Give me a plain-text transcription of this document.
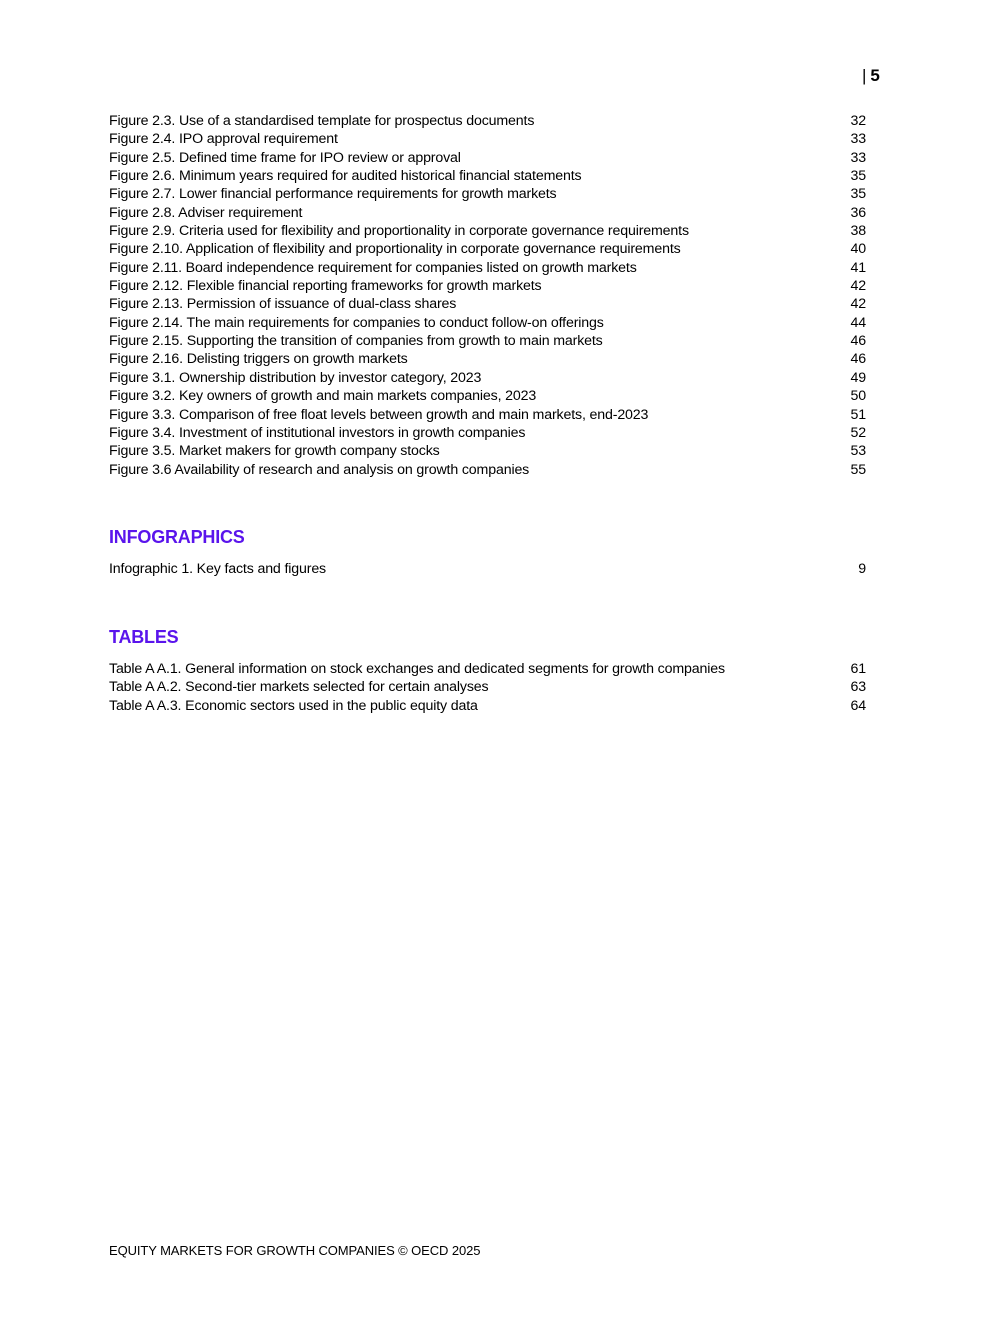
| 5
Figure 2.3. Use of a standardised template for prospectus documents	32
Figure 2.4. IPO approval requirement	33
Figure 2.5. Defined time frame for IPO review or approval	33
Figure 2.6. Minimum years required for audited historical financial statements	35
Figure 2.7. Lower financial performance requirements for growth markets	35
Figure 2.8. Adviser requirement	36
Figure 2.9. Criteria used for flexibility and proportionality in corporate governance requirements	38
Figure 2.10. Application of flexibility and proportionality in corporate governance requirements	40
Figure 2.11. Board independence requirement for companies listed on growth markets	41
Figure 2.12. Flexible financial reporting frameworks for growth markets	42
Figure 2.13. Permission of issuance of dual-class shares	42
Figure 2.14. The main requirements for companies to conduct follow-on offerings	44
Figure 2.15. Supporting the transition of companies from growth to main markets	46
Figure 2.16. Delisting triggers on growth markets	46
Figure 3.1. Ownership distribution by investor category, 2023	49
Figure 3.2. Key owners of growth and main markets companies, 2023	50
Figure 3.3. Comparison of free float levels between growth and main markets, end-2023	51
Figure 3.4. Investment of institutional investors in growth companies	52
Figure 3.5. Market makers for growth company stocks	53
Figure 3.6 Availability of research and analysis on growth companies	55
INFOGRAPHICS
Infographic 1. Key facts and figures	9
TABLES
Table A A.1. General information on stock exchanges and dedicated segments for growth companies	61
Table A A.2. Second-tier markets selected for certain analyses	63
Table A A.3. Economic sectors used in the public equity data	64
EQUITY MARKETS FOR GROWTH COMPANIES © OECD 2025
